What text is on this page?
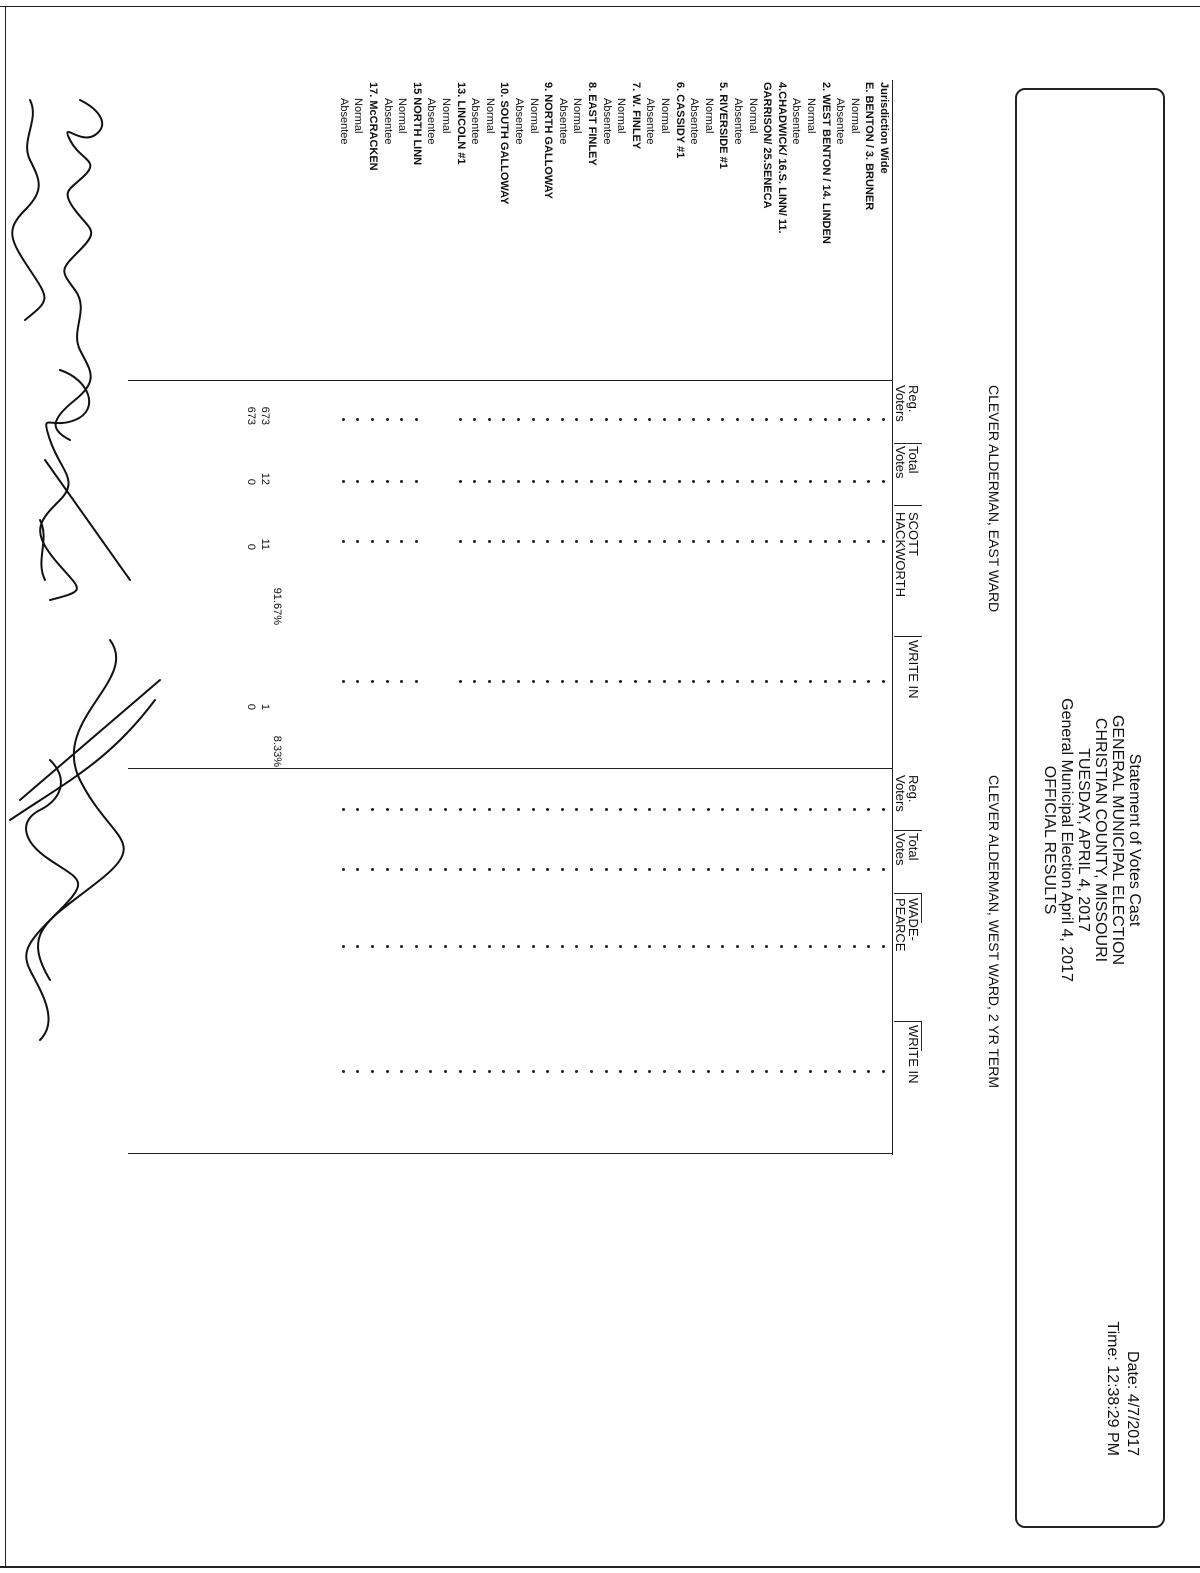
Statement of Votes Cast
GENERAL MUNICIPAL ELECTION
CHRISTIAN COUNTY, MISSOURI
TUESDAY, APRIL 4, 2017
General Municipal Election April 4, 2017
OFFICIAL RESULTS
Date: 4/7/2017
Time: 12:38:29 PM
CLEVER ALDERMAN, EAST WARD
CLEVER ALDERMAN, WEST WARD, 2 YR TERM
Reg. Voters
Total Votes
SCOTT HACKWORTH
WRITE IN
Reg. Voters
Total Votes
WADE-PEARCE
WRITE IN
Jurisdiction Wide
E. BENTON / 3. BRUNER
Normal
Absentee
2. WEST BENTON / 14. LINDEN
Normal
Absentee
4.CHADWICK/ 16.S. LINN/ 11.
GARRISON/ 25.SENECA
Normal
Absentee
5. RIVERSIDE #1
Normal
Absentee
6. CASSIDY #1
Normal
Absentee
7. W. FINLEY
Normal
Absentee
8. EAST FINLEY
Normal
Absentee
9. NORTH GALLOWAY
Normal
Absentee
10. SOUTH GALLOWAY
Normal
Absentee
13. LINCOLN #1
Normal
Absentee
15 NORTH LINN
Normal
Absentee
17. McCRACKEN
Normal
Absentee
673
12
11
91.67%
1
8.33%
673
0
0
0
